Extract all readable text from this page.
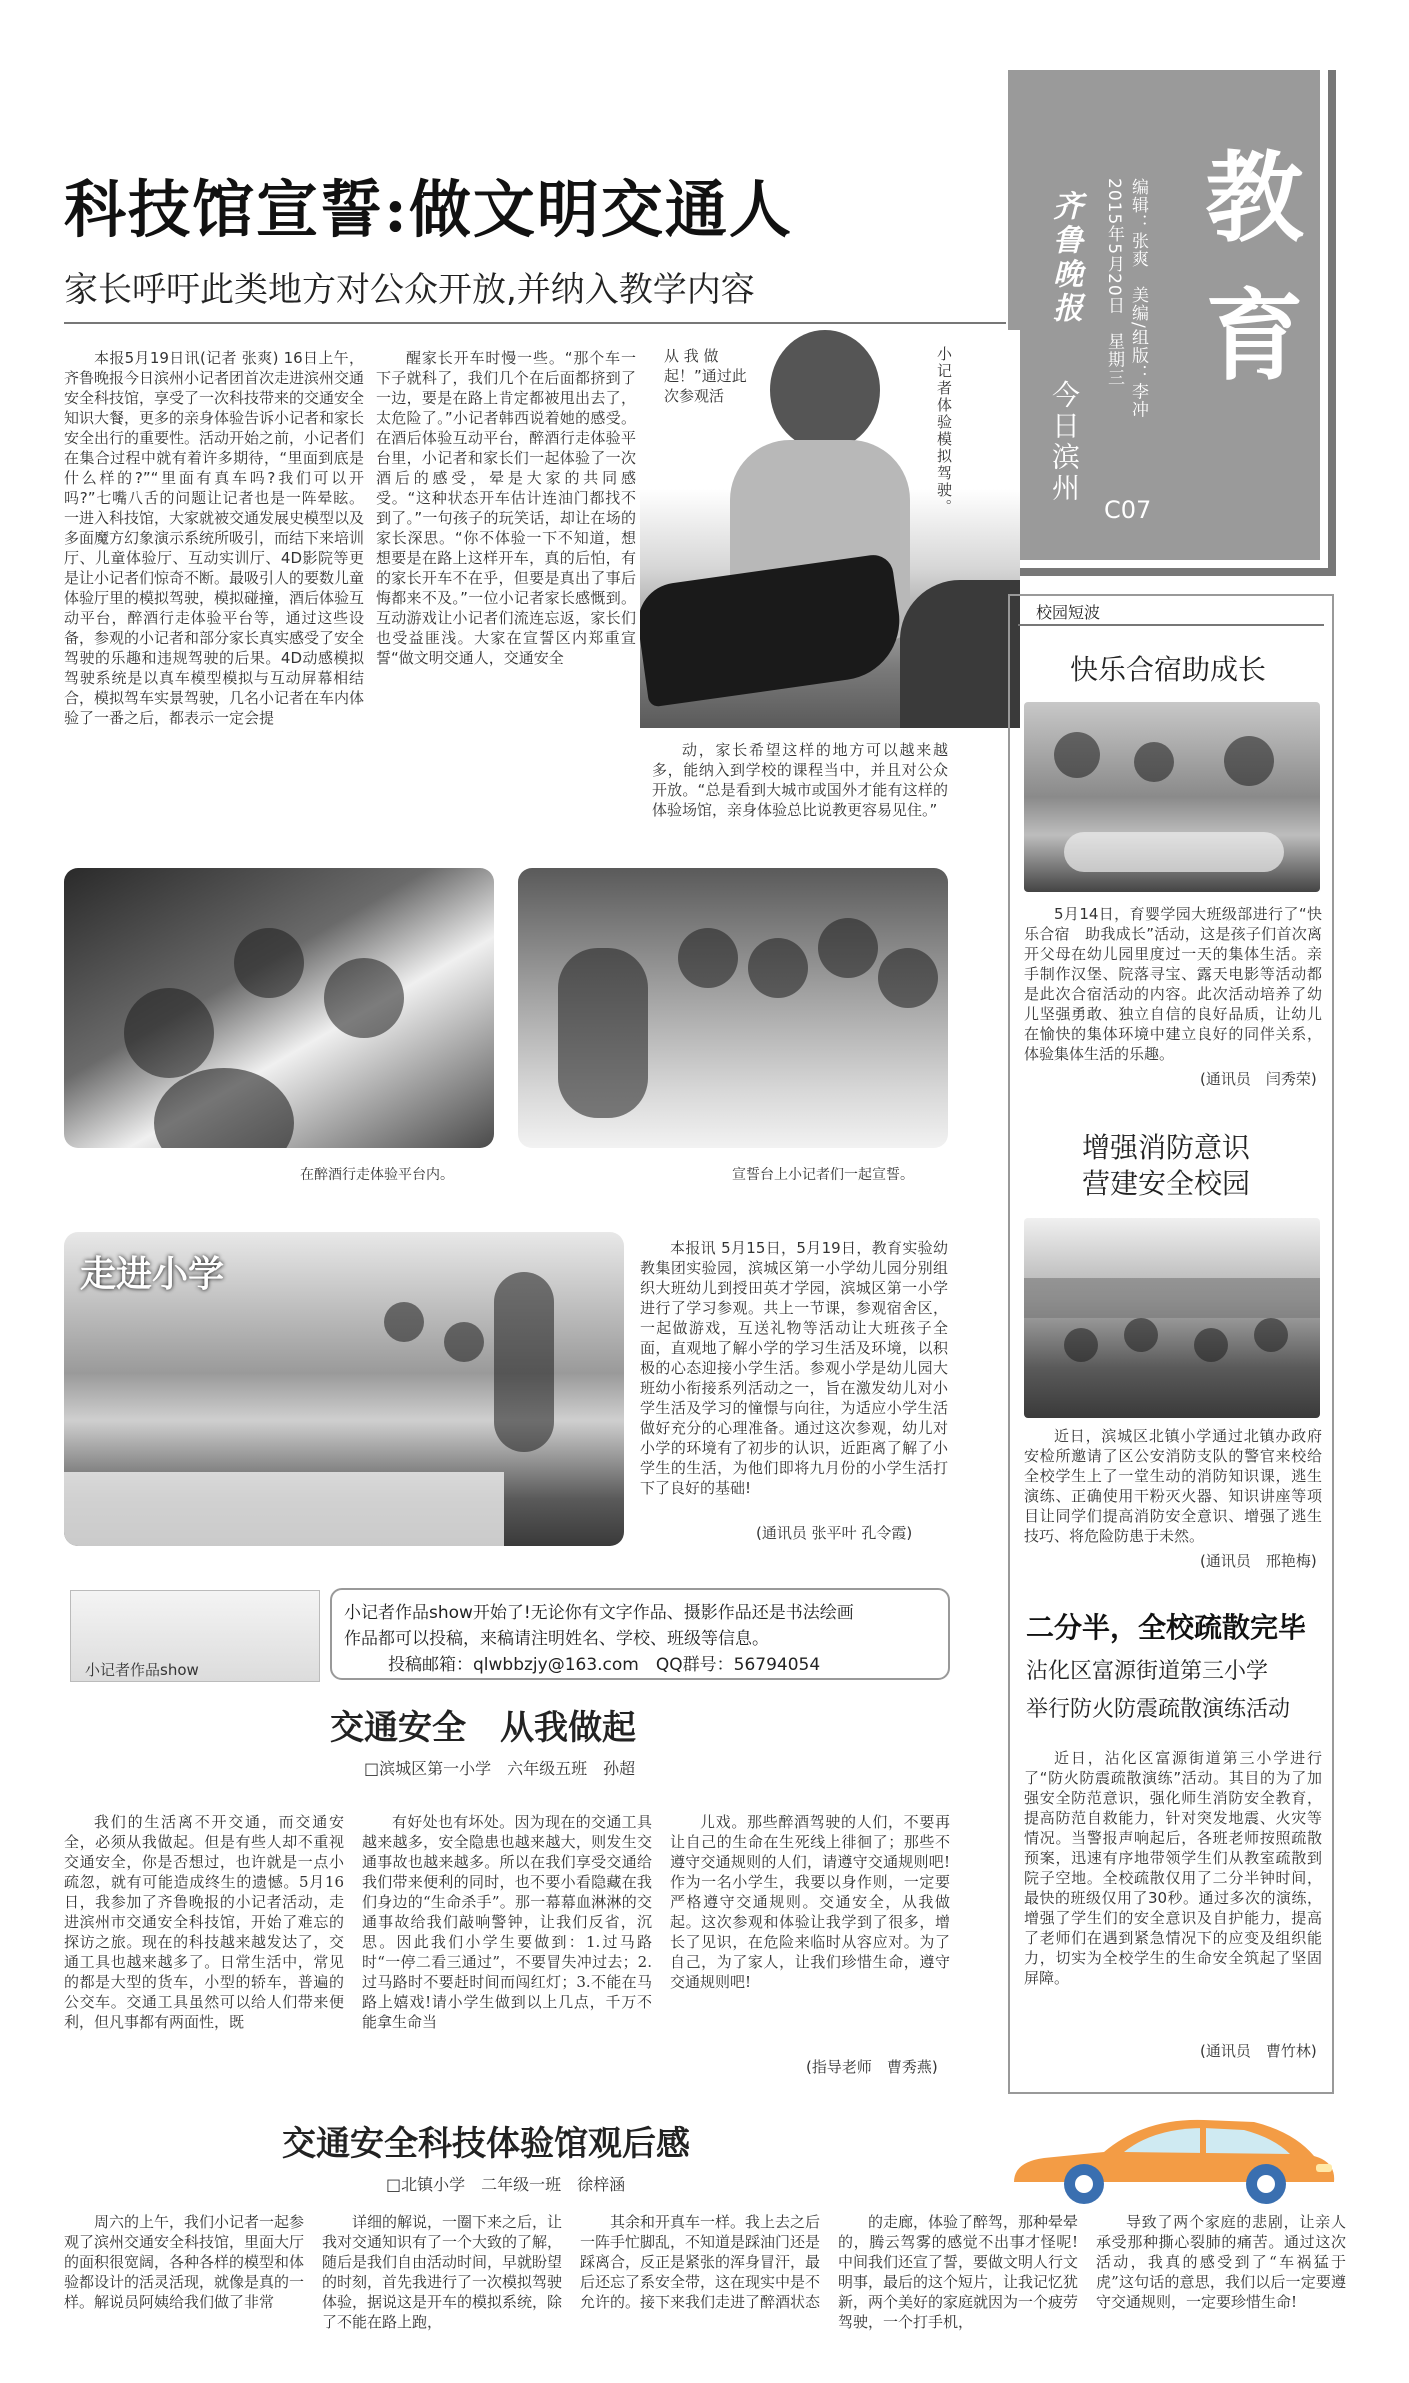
教育
编辑：张爽　美编/组版：李冲
2015年5月20日　星期三
齐鲁晚报
今日滨州
C07
科技馆宣誓:做文明交通人
家长呼吁此类地方对公众开放,并纳入教学内容

本报5月19日讯(记者 张爽) 16日上午，齐鲁晚报今日滨州小记者团首次走进滨州交通安全科技馆，享受了一次科技带来的交通安全知识大餐，更多的亲身体验告诉小记者和家长安全出行的重要性。活动开始之前，小记者们在集合过程中就有着许多期待，“里面到底是什么样的?”“里面有真车吗?我们可以开吗?”七嘴八舌的问题让记者也是一阵晕眩。一进入科技馆，大家就被交通发展史模型以及多面魔方幻象演示系统所吸引，而结下来培训厅、儿童体验厅、互动实训厅、4D影院等更是让小记者们惊奇不断。最吸引人的要数儿童体验厅里的模拟驾驶，模拟碰撞，酒后体验互动平台，醉酒行走体验平台等，通过这些设备，参观的小记者和部分家长真实感受了安全驾驶的乐趣和违规驾驶的后果。4D动感模拟驾驶系统是以真车模型模拟与互动屏幕相结合，模拟驾车实景驾驶，几名小记者在车内体验了一番之后，都表示一定会提

醒家长开车时慢一些。“那个车一下子就科了，我们几个在后面都挤到了一边，要是在路上肯定都被甩出去了，太危险了。”小记者韩西说着她的感受。在酒后体验互动平台，醉酒行走体验平台里，小记者和家长们一起体验了一次酒后的感受，晕是大家的共同感受。“这种状态开车估计连油门都找不到了。”一句孩子的玩笑话，却让在场的家长深思。“你不体验一下不知道，想想要是在路上这样开车，真的后怕，有的家长开车不在乎，但要是真出了事后悔都来不及。”一位小记者家长感慨到。互动游戏让小记者们流连忘返，家长们也受益匪浅。大家在宣誓区内郑重宣誓“做文明交通人，交通安全

从 我 做 起！”通过此次参观活	小记者体验模拟驾驶。

动，家长希望这样的地方可以越来越多，能纳入到学校的课程当中，并且对公众开放。“总是看到大城市或国外才能有这样的体验场馆，亲身体验总比说教更容易见住。”

在醉酒行走体验平台内。	宣誓台上小记者们一起宣誓。
走进小学

本报讯 5月15日，5月19日，教育实验幼教集团实验园，滨城区第一小学幼儿园分别组织大班幼儿到授田英才学园，滨城区第一小学进行了学习参观。共上一节课，参观宿舍区，一起做游戏，互送礼物等活动让大班孩子全面，直观地了解小学的学习生活及环境，以积极的心态迎接小学生活。参观小学是幼儿园大班幼小衔接系列活动之一，旨在激发幼儿对小学生活及学习的憧憬与向往，为适应小学生活做好充分的心理准备。通过这次参观，幼儿对小学的环境有了初步的认识，近距离了解了小学生的生活，为他们即将九月份的小学生活打下了良好的基础!

(通讯员 张平叶 孔令霞)
小记者作品show
小记者作品show开始了!无论你有文字作品、摄影作品还是书法绘画
作品都可以投稿，来稿请注明姓名、学校、班级等信息。
投稿邮箱：qlwbbzjy@163.com　QQ群号：56794054
交通安全　从我做起
□滨城区第一小学　六年级五班　孙超

我们的生活离不开交通，而交通安全，必须从我做起。但是有些人却不重视交通安全，你是否想过，也许就是一点小疏忽，就有可能造成终生的遗憾。5月16日，我参加了齐鲁晚报的小记者活动，走进滨州市交通安全科技馆，开始了难忘的探访之旅。现在的科技越来越发达了，交通工具也越来越多了。日常生活中，常见的都是大型的货车，小型的轿车，普遍的公交车。交通工具虽然可以给人们带来便利，但凡事都有两面性，既

有好处也有坏处。因为现在的交通工具越来越多，安全隐患也越来越大，则发生交通事故也越来越多。所以在我们享受交通给我们带来便利的同时，也不要小看隐藏在我们身边的“生命杀手”。那一幕幕血淋淋的交通事故给我们敲响警钟，让我们反省，沉思。因此我们小学生要做到：1.过马路时“一停二看三通过”，不要冒失冲过去；2.过马路时不要赶时间而闯红灯；3.不能在马路上嬉戏!请小学生做到以上几点，千万不能拿生命当

儿戏。那些醉酒驾驶的人们，不要再让自己的生命在生死线上徘徊了；那些不遵守交通规则的人们，请遵守交通规则吧!作为一名小学生，我要以身作则，一定要严格遵守交通规则。交通安全，从我做起。这次参观和体验让我学到了很多，增长了见识，在危险来临时从容应对。为了自己，为了家人，让我们珍惜生命，遵守交通规则吧!

(指导老师　曹秀燕)
交通安全科技体验馆观后感
□北镇小学　二年级一班　徐梓涵

周六的上午，我们小记者一起参观了滨州交通安全科技馆，里面大厅的面积很宽阔，各种各样的模型和体验都设计的活灵活现，就像是真的一样。解说员阿姨给我们做了非常

详细的解说，一圈下来之后，让我对交通知识有了一个大致的了解，随后是我们自由活动时间，早就盼望的时刻，首先我进行了一次模拟驾驶体验，据说这是开车的模拟系统，除了不能在路上跑，

其余和开真车一样。我上去之后一阵手忙脚乱，不知道是踩油门还是踩离合，反正是紧张的浑身冒汗，最后还忘了系安全带，这在现实中是不允许的。接下来我们走进了醉酒状态

的走廊，体验了醉驾，那种晕晕的，腾云驾雾的感觉不出事才怪呢!中间我们还宣了誓，要做文明人行文明事，最后的这个短片，让我记忆犹新，两个美好的家庭就因为一个疲劳驾驶，一个打手机，

导致了两个家庭的悲剧，让亲人承受那种撕心裂肺的痛苦。通过这次活动，我真的感受到了“车祸猛于虎”这句话的意思，我们以后一定要遵守交通规则，一定要珍惜生命!

校园短波
快乐合宿助成长

5月14日，育婴学园大班级部进行了“快乐合宿　助我成长”活动，这是孩子们首次离开父母在幼儿园里度过一天的集体生活。亲手制作汉堡、院落寻宝、露天电影等活动都是此次合宿活动的内容。此次活动培养了幼儿坚强勇敢、独立自信的良好品质，让幼儿在愉快的集体环境中建立良好的同伴关系，体验集体生活的乐趣。

(通讯员　闫秀荣)
增强消防意识
营建安全校园

近日，滨城区北镇小学通过北镇办政府安检所邀请了区公安消防支队的警官来校给全校学生上了一堂生动的消防知识课，逃生演练、正确使用干粉灭火器、知识讲座等项目让同学们提高消防安全意识、增强了逃生技巧、将危险防患于未然。

(通讯员　邢艳梅)
二分半，全校疏散完毕
沾化区富源街道第三小学
举行防火防震疏散演练活动

近日，沾化区富源街道第三小学进行了“防火防震疏散演练”活动。其目的为了加强安全防范意识，强化师生消防安全教育，提高防范自救能力，针对突发地震、火灾等情况。当警报声响起后，各班老师按照疏散预案，迅速有序地带领学生们从教室疏散到院子空地。全校疏散仅用了二分半钟时间，最快的班级仅用了30秒。通过多次的演练，增强了学生们的安全意识及自护能力，提高了老师们在遇到紧急情况下的应变及组织能力，切实为全校学生的生命安全筑起了坚固屏障。

(通讯员　曹竹林)
